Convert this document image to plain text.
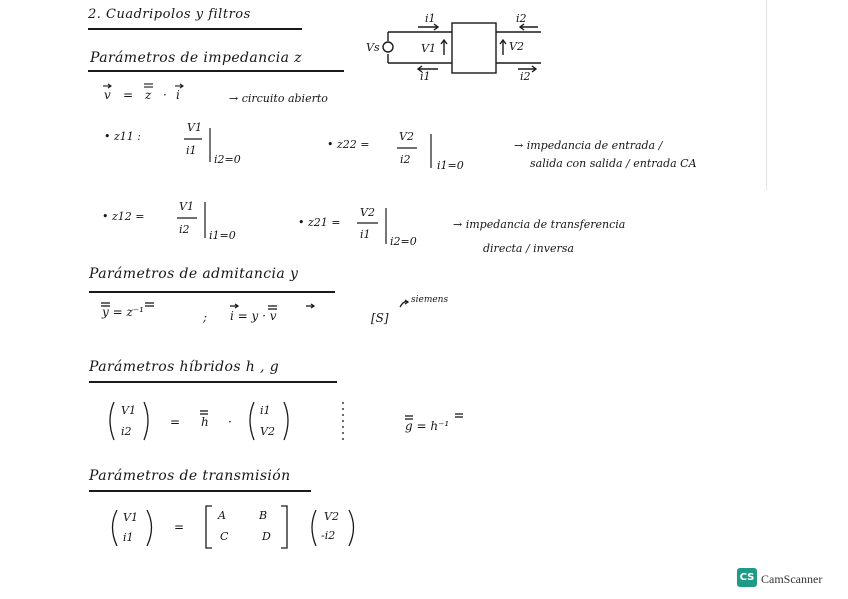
2. Cuadripolos y filtros
Vs	V1	V2
i1	i2
i1	i2
Parámetros de impedancia z
v = z · i	→ circuito abierto
• z11 :
V1
i1
i2=0
• z22 =
V2
i2 i1=0
→ impedancia de entrada /
salida con salida / entrada CA
• z12 =
V1
i2 i1=0
• z21 =
V2
i1
i2=0
→ impedancia de transferencia
directa / inversa
Parámetros de admitancia y
y = z⁻¹	; i = y · v	[S]
siemens
Parámetros híbridos h , g
V1
i2
= h ·
i1
V2	g = h⁻¹
Parámetros de transmisión
V1
i1
=
A	B
C	D
V2
-i2
CS CamScanner
